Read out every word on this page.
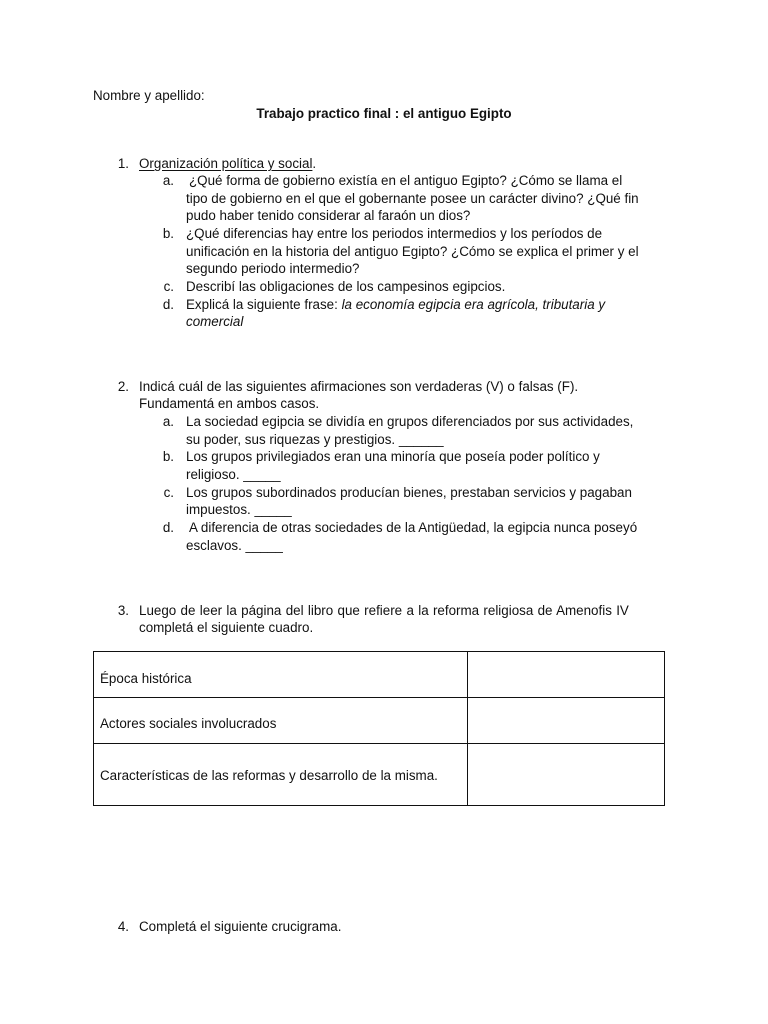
Nombre y apellido:
Trabajo practico final : el antiguo Egipto
1. Organización política y social.
a. ¿Qué forma de gobierno existía en el antiguo Egipto? ¿Cómo se llama el
tipo de gobierno en el que el gobernante posee un carácter divino? ¿Qué fin
pudo haber tenido considerar al faraón un dios?
b. ¿Qué diferencias hay entre los periodos intermedios y los períodos de
unificación en la historia del antiguo Egipto? ¿Cómo se explica el primer y el
segundo periodo intermedio?
c. Describí las obligaciones de los campesinos egipcios.
d. Explicá la siguiente frase: la economía egipcia era agrícola, tributaria y
comercial
2. Indicá cuál de las siguientes afirmaciones son verdaderas (V) o falsas (F).
Fundamentá en ambos casos.
a. La sociedad egipcia se dividía en grupos diferenciados por sus actividades,
su poder, sus riquezas y prestigios. ______
b. Los grupos privilegiados eran una minoría que poseía poder político y
religioso. _____
c. Los grupos subordinados producían bienes, prestaban servicios y pagaban
impuestos. _____
d. A diferencia de otras sociedades de la Antigüedad, la egipcia nunca poseyó
esclavos. _____
3. Luego de leer la página del libro que refiere a la reforma religiosa de Amenofis IV
completá el siguiente cuadro.
Época histórica	
Actores sociales involucrados	
Características de las reformas y desarrollo de la misma.	
4. Completá el siguiente crucigrama.
